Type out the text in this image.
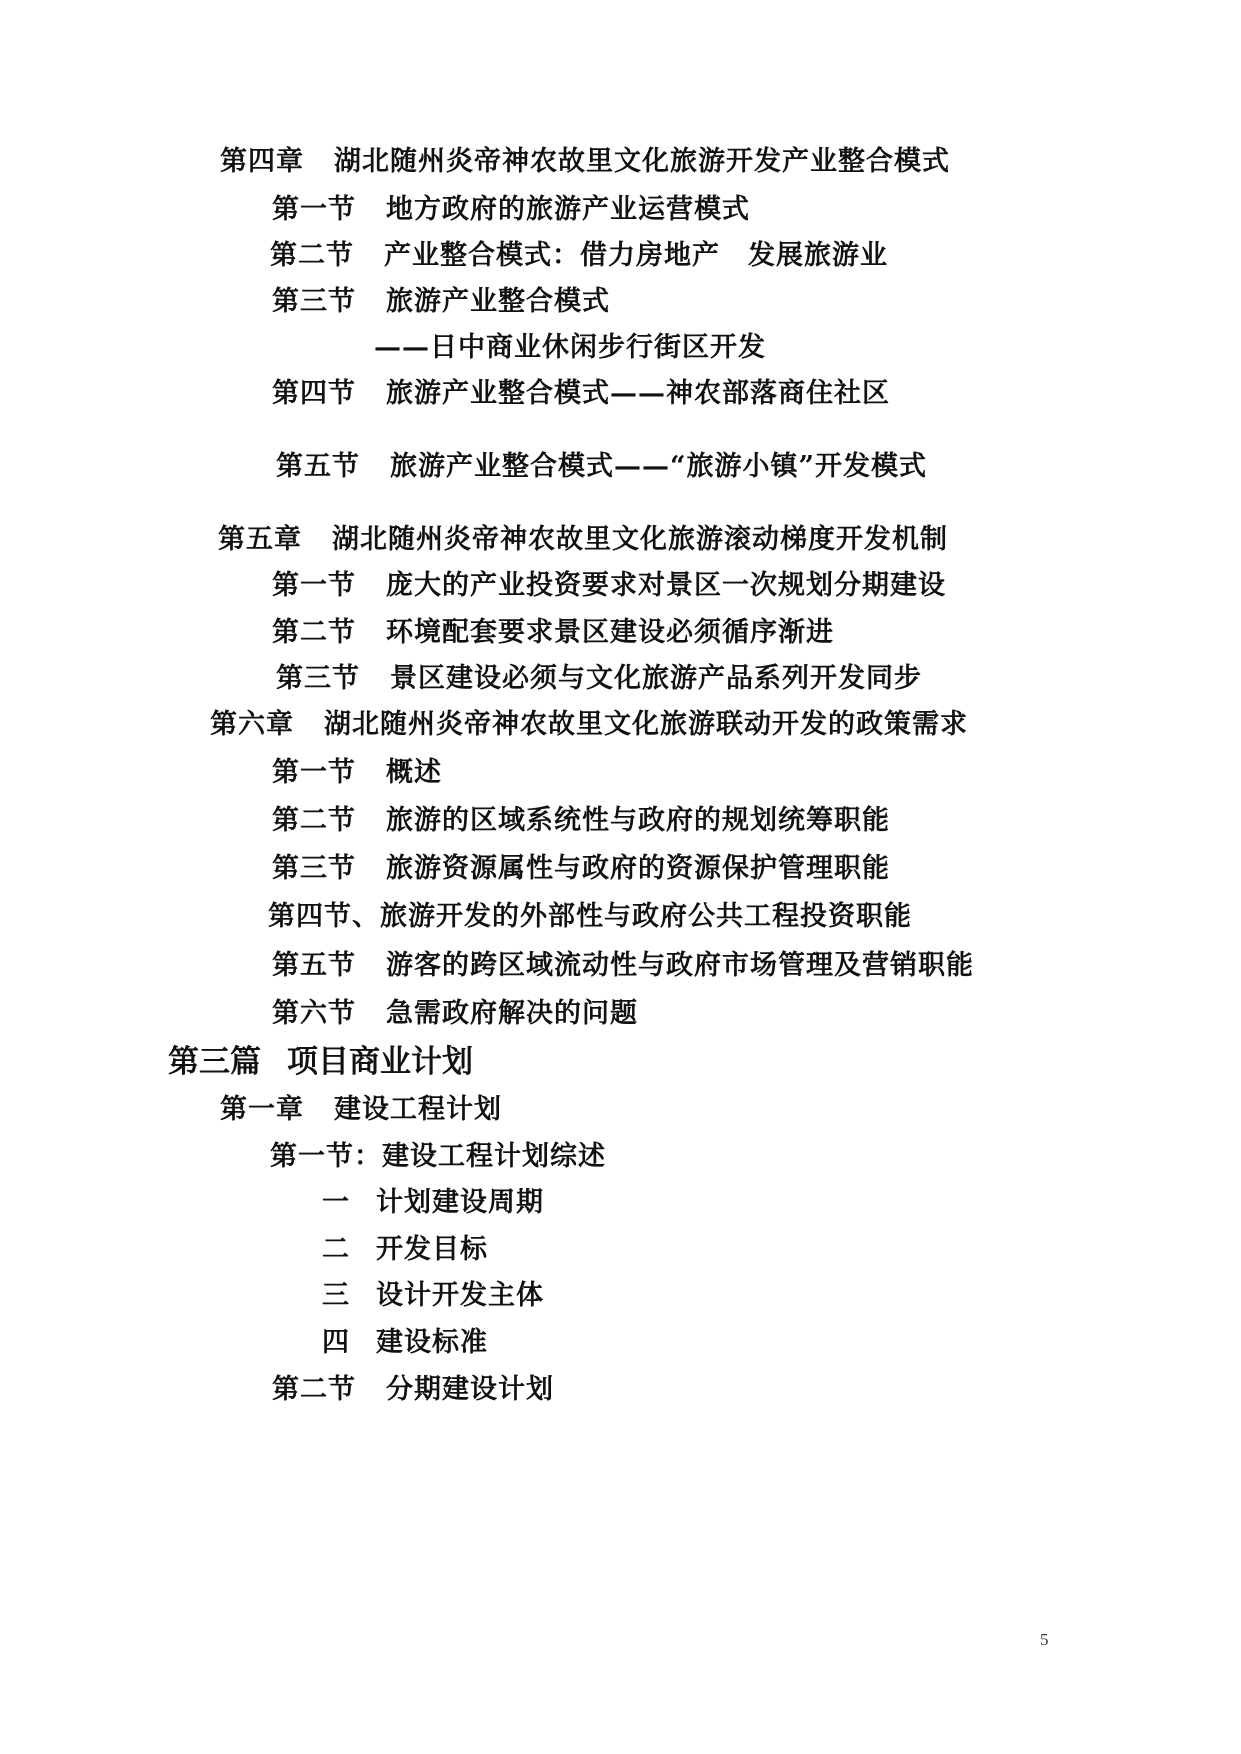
第四章 湖北随州炎帝神农故里文化旅游开发产业整合模式

第一节 地方政府的旅游产业运营模式

第二节 产业整合模式：借力房地产 发展旅游业

第三节 旅游产业整合模式

——日中商业休闲步行街区开发

第四节 旅游产业整合模式——神农部落商住社区

第五节 旅游产业整合模式——“旅游小镇”开发模式

第五章 湖北随州炎帝神农故里文化旅游滚动梯度开发机制

第一节 庞大的产业投资要求对景区一次规划分期建设

第二节 环境配套要求景区建设必须循序渐进

第三节 景区建设必须与文化旅游产品系列开发同步

第六章 湖北随州炎帝神农故里文化旅游联动开发的政策需求

第一节 概述

第二节 旅游的区域系统性与政府的规划统筹职能

第三节 旅游资源属性与政府的资源保护管理职能

第四节、旅游开发的外部性与政府公共工程投资职能

第五节 游客的跨区域流动性与政府市场管理及营销职能

第六节 急需政府解决的问题

第三篇 项目商业计划

第一章 建设工程计划

第一节：建设工程计划综述

一 计划建设周期

二 开发目标

三 设计开发主体

四 建设标准

第二节 分期建设计划

5
